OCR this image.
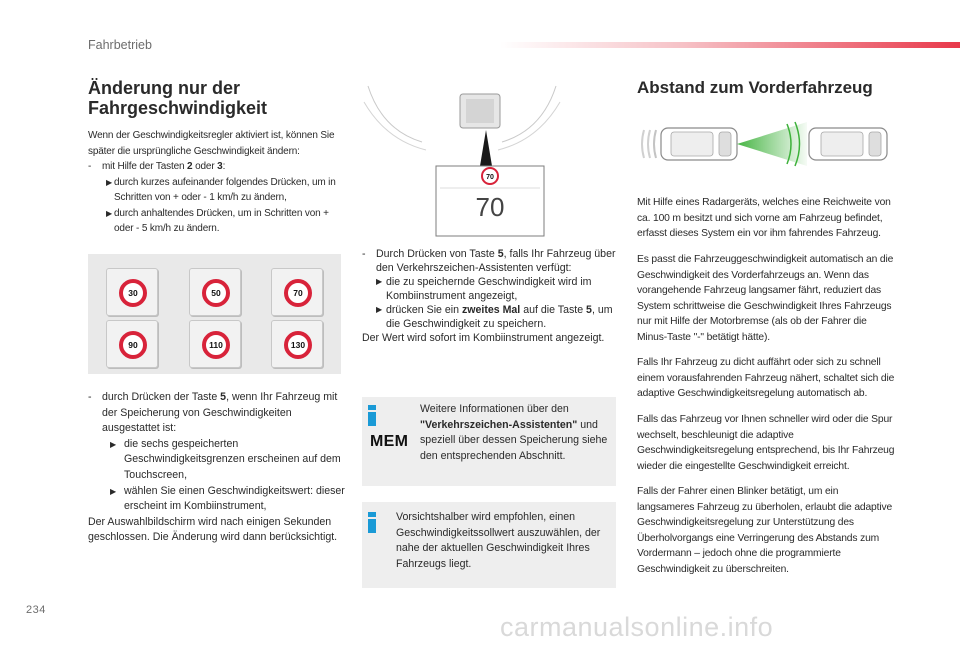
Fahrbetrieb
Änderung nur der
Fahrgeschwindigkeit

Wenn der Geschwindigkeitsregler aktiviert ist, können Sie später die ursprüngliche Geschwindigkeit ändern:

- mit Hilfe der Tasten 2 oder 3:

▶ durch kurzes aufeinander folgendes Drücken, um in Schritten von + oder - 1 km/h zu ändern,

▶ durch anhaltendes Drücken, um in Schritten von + oder - 5 km/h zu ändern.

30	50	70
90	110	130

- durch Drücken der Taste 5, wenn Ihr Fahrzeug mit der Speicherung von Geschwindigkeiten ausgestattet ist:

▶ die sechs gespeicherten Geschwindigkeitsgrenzen erscheinen auf dem Touchscreen,

▶ wählen Sie einen Geschwindigkeitswert: dieser erscheint im Kombiinstrument,

Der Auswahlbildschirm wird nach einigen Sekunden geschlossen. Die Änderung wird dann berücksichtigt.

70
70

- Durch Drücken von Taste 5, falls Ihr Fahrzeug über den Verkehrszeichen-Assistenten verfügt:

▶ die zu speichernde Geschwindigkeit wird im Kombiinstrument angezeigt,

▶ drücken Sie ein zweites Mal auf die Taste 5, um die Geschwindigkeit zu speichern.

Der Wert wird sofort im Kombiinstrument angezeigt.

MEM
Weitere Informationen über den "Verkehrszeichen-Assistenten" und speziell über dessen Speicherung siehe den entsprechenden Abschnitt.
Vorsichtshalber wird empfohlen, einen Geschwindigkeitssollwert auszuwählen, der nahe der aktuellen Geschwindigkeit Ihres Fahrzeugs liegt.
Abstand zum Vorderfahrzeug

Mit Hilfe eines Radargeräts, welches eine Reichweite von ca. 100 m besitzt und sich vorne am Fahrzeug befindet, erfasst dieses System ein vor ihm fahrendes Fahrzeug.

Es passt die Fahrzeuggeschwindigkeit automatisch an die Geschwindigkeit des Vorderfahrzeugs an. Wenn das vorangehende Fahrzeug langsamer fährt, reduziert das System schrittweise die Geschwindigkeit Ihres Fahrzeugs nur mit Hilfe der Motorbremse (als ob der Fahrer die Minus-Taste "-" betätigt hätte).

Falls Ihr Fahrzeug zu dicht auffährt oder sich zu schnell einem vorausfahrenden Fahrzeug nähert, schaltet sich die adaptive Geschwindigkeitsregelung automatisch ab.

Falls das Fahrzeug vor Ihnen schneller wird oder die Spur wechselt, beschleunigt die adaptive Geschwindigkeitsregelung entsprechend, bis Ihr Fahrzeug wieder die eingestellte Geschwindigkeit erreicht.

Falls der Fahrer einen Blinker betätigt, um ein langsameres Fahrzeug zu überholen, erlaubt die adaptive Geschwindigkeitsregelung zur Unterstützung des Überholvorgangs eine Verringerung des Abstands zum Vordermann – jedoch ohne die programmierte Geschwindigkeit zu überschreiten.

234
carmanualsonline.info
